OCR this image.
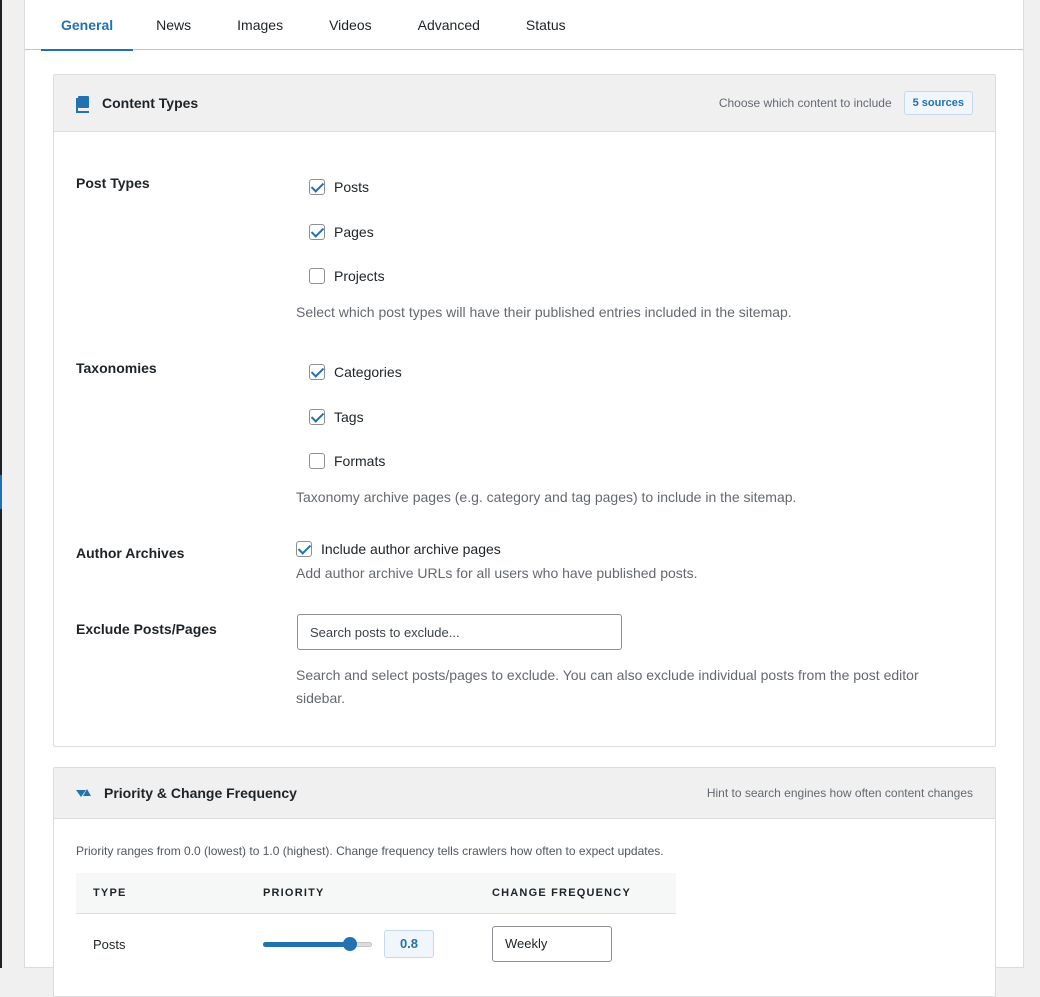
General	News	Images	Videos	Advanced	Status
Content Types	Choose which content to include	5 sources
Post Types	Posts
Pages
Projects
Select which post types will have their published entries included in the sitemap.
Taxonomies	Categories
Tags
Formats
Taxonomy archive pages (e.g. category and tag pages) to include in the sitemap.
Author Archives	Include author archive pages
Add author archive URLs for all users who have published posts.
Exclude Posts/Pages
Search posts to exclude...
Search and select posts/pages to exclude. You can also exclude individual posts from the post editor
sidebar.
Priority & Change Frequency	Hint to search engines how often content changes
Priority ranges from 0.0 (lowest) to 1.0 (highest). Change frequency tells crawlers how often to expect updates.
TYPE	PRIORITY	CHANGE FREQUENCY
Posts	0.8	Weekly
